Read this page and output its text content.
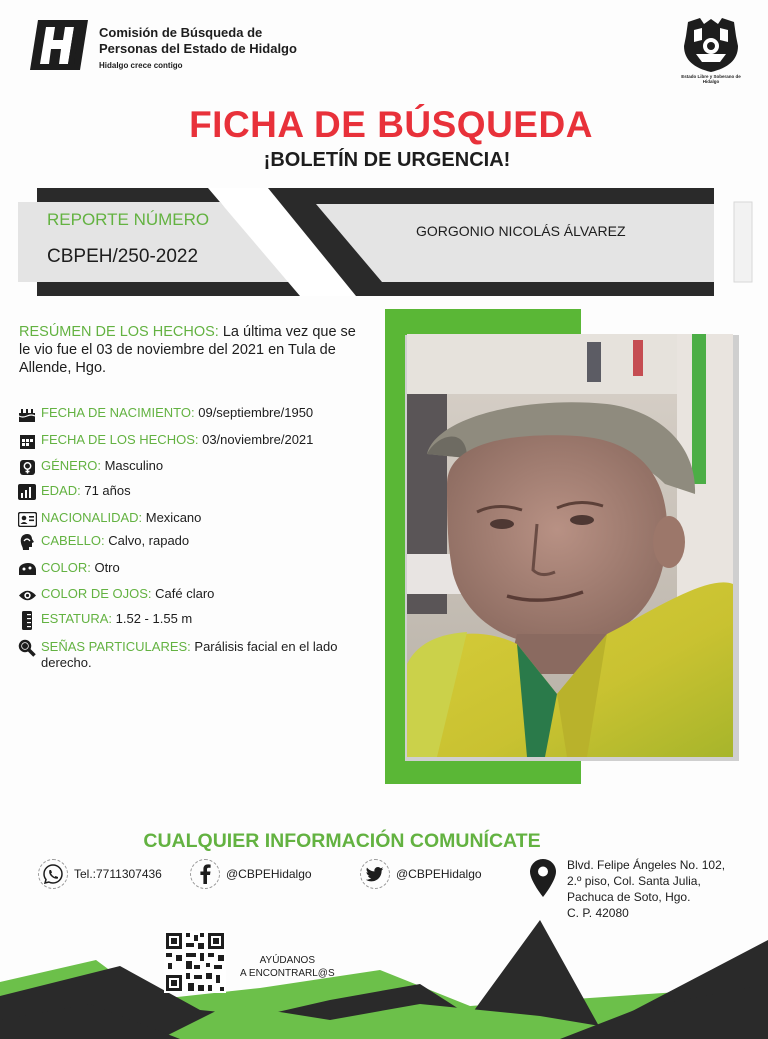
Comisión de Búsqueda de
Personas del Estado de Hidalgo
Hidalgo crece contigo
Estado Libre y Soberano de Hidalgo
FICHA DE BÚSQUEDA
¡BOLETÍN DE URGENCIA!
REPORTE NÚMERO
CBPEH/250-2022
GORGONIO NICOLÁS ÁLVAREZ
RESÚMEN DE LOS HECHOS: La última vez que se le vio fue el 03 de noviembre del 2021 en Tula de Allende, Hgo.
FECHA DE NACIMIENTO: 09/septiembre/1950
FECHA DE LOS HECHOS: 03/noviembre/2021
GÉNERO: Masculino
EDAD: 71 años
NACIONALIDAD: Mexicano
CABELLO: Calvo, rapado
COLOR: Otro
COLOR DE OJOS: Café claro
ESTATURA: 1.52 - 1.55 m
SEÑAS PARTICULARES: Parálisis facial en el lado derecho.
CUALQUIER INFORMACIÓN COMUNÍCATE
Tel.:7711307436	@CBPEHidalgo	@CBPEHidalgo
Blvd. Felipe Ángeles No. 102,
2.º piso, Col. Santa Julia,
Pachuca de Soto, Hgo.
C. P. 42080
AYÚDANOS
A ENCONTRARL@S
